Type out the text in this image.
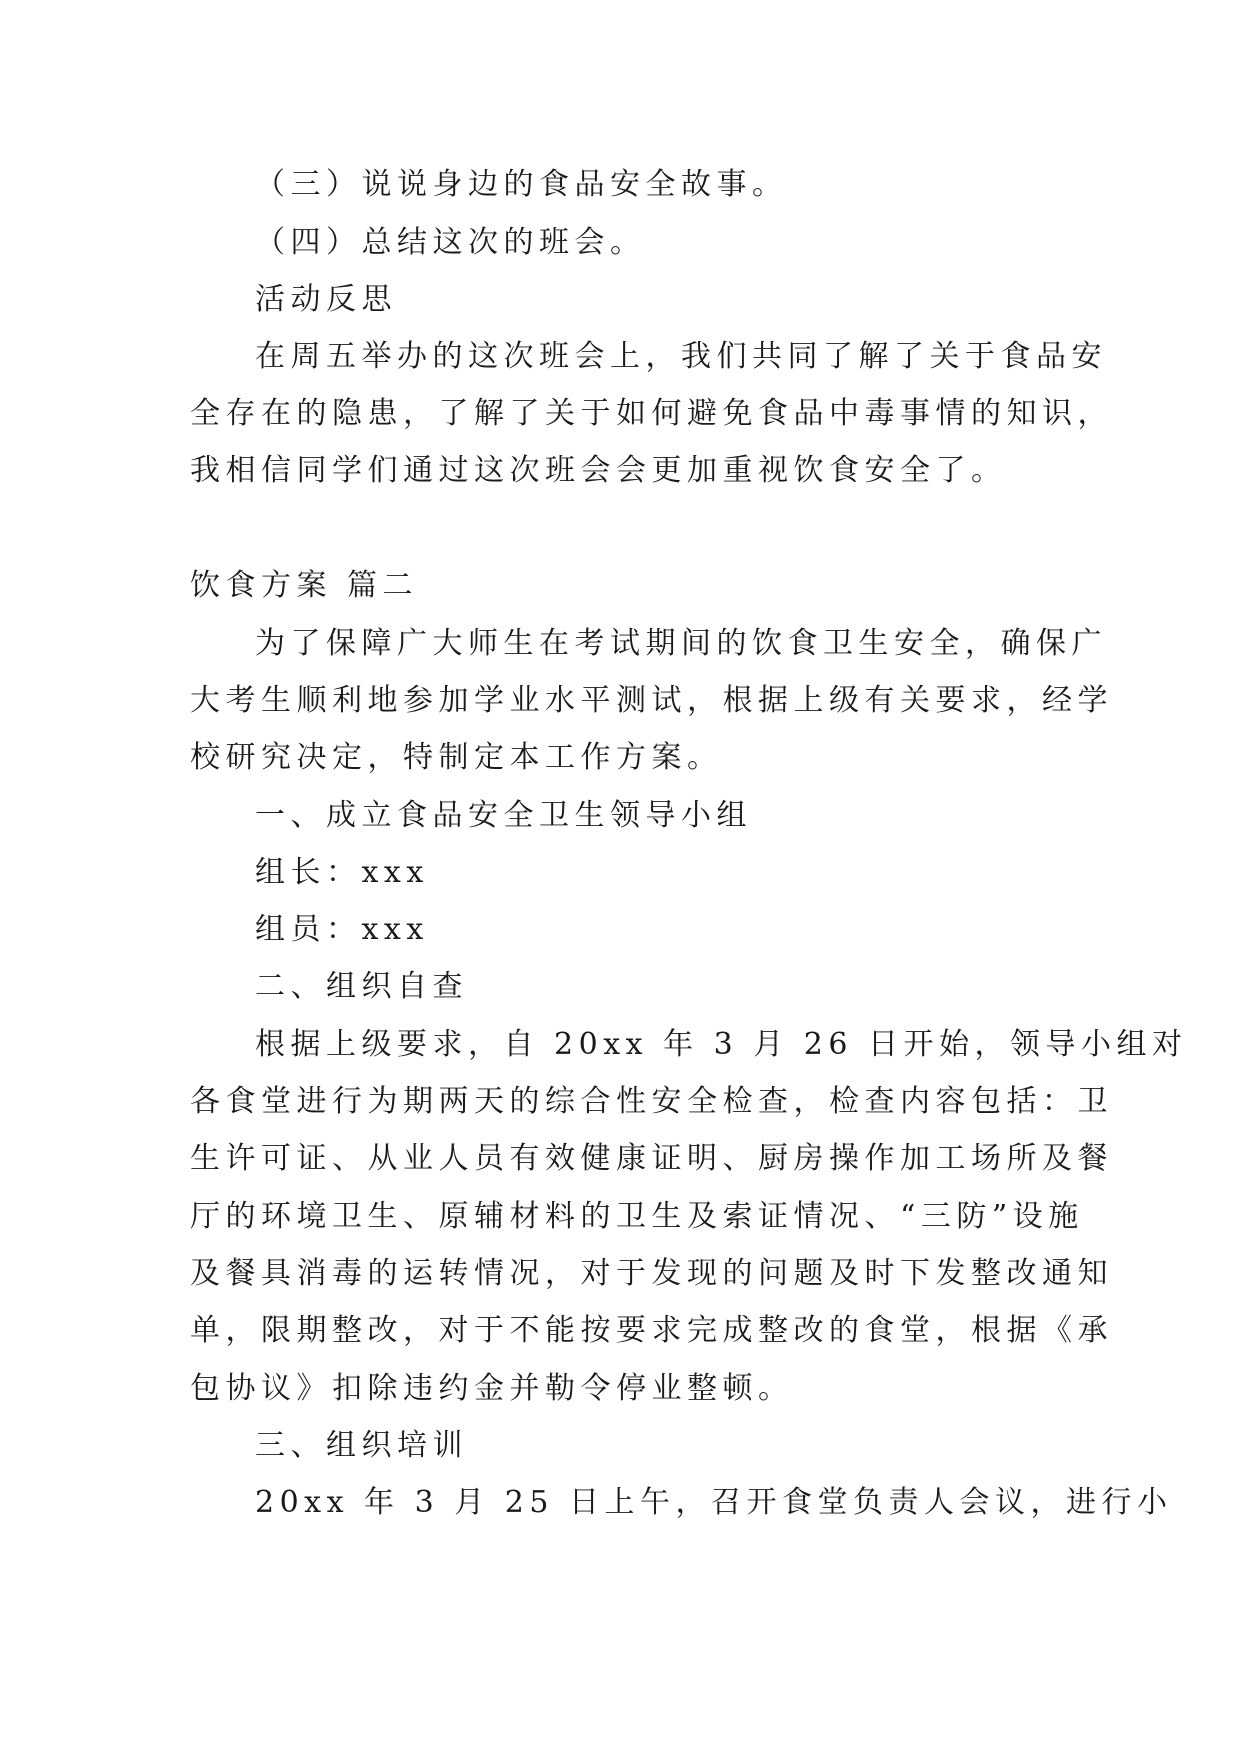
（三）说说身边的食品安全故事。
（四）总结这次的班会。
活动反思
在周五举办的这次班会上，我们共同了解了关于食品安
全存在的隐患，了解了关于如何避免食品中毒事情的知识，
我相信同学们通过这次班会会更加重视饮食安全了。
饮食方案 篇二
为了保障广大师生在考试期间的饮食卫生安全，确保广
大考生顺利地参加学业水平测试，根据上级有关要求，经学
校研究决定，特制定本工作方案。
一、成立食品安全卫生领导小组
组长：xxx
组员：xxx
二、组织自查
根据上级要求，自 20xx 年 3 月 26 日开始，领导小组对
各食堂进行为期两天的综合性安全检查，检查内容包括：卫
生许可证、从业人员有效健康证明、厨房操作加工场所及餐
厅的环境卫生、原辅材料的卫生及索证情况、“三防”设施
及餐具消毒的运转情况，对于发现的问题及时下发整改通知
单，限期整改，对于不能按要求完成整改的食堂，根据《承
包协议》扣除违约金并勒令停业整顿。
三、组织培训
20xx 年 3 月 25 日上午，召开食堂负责人会议，进行小
